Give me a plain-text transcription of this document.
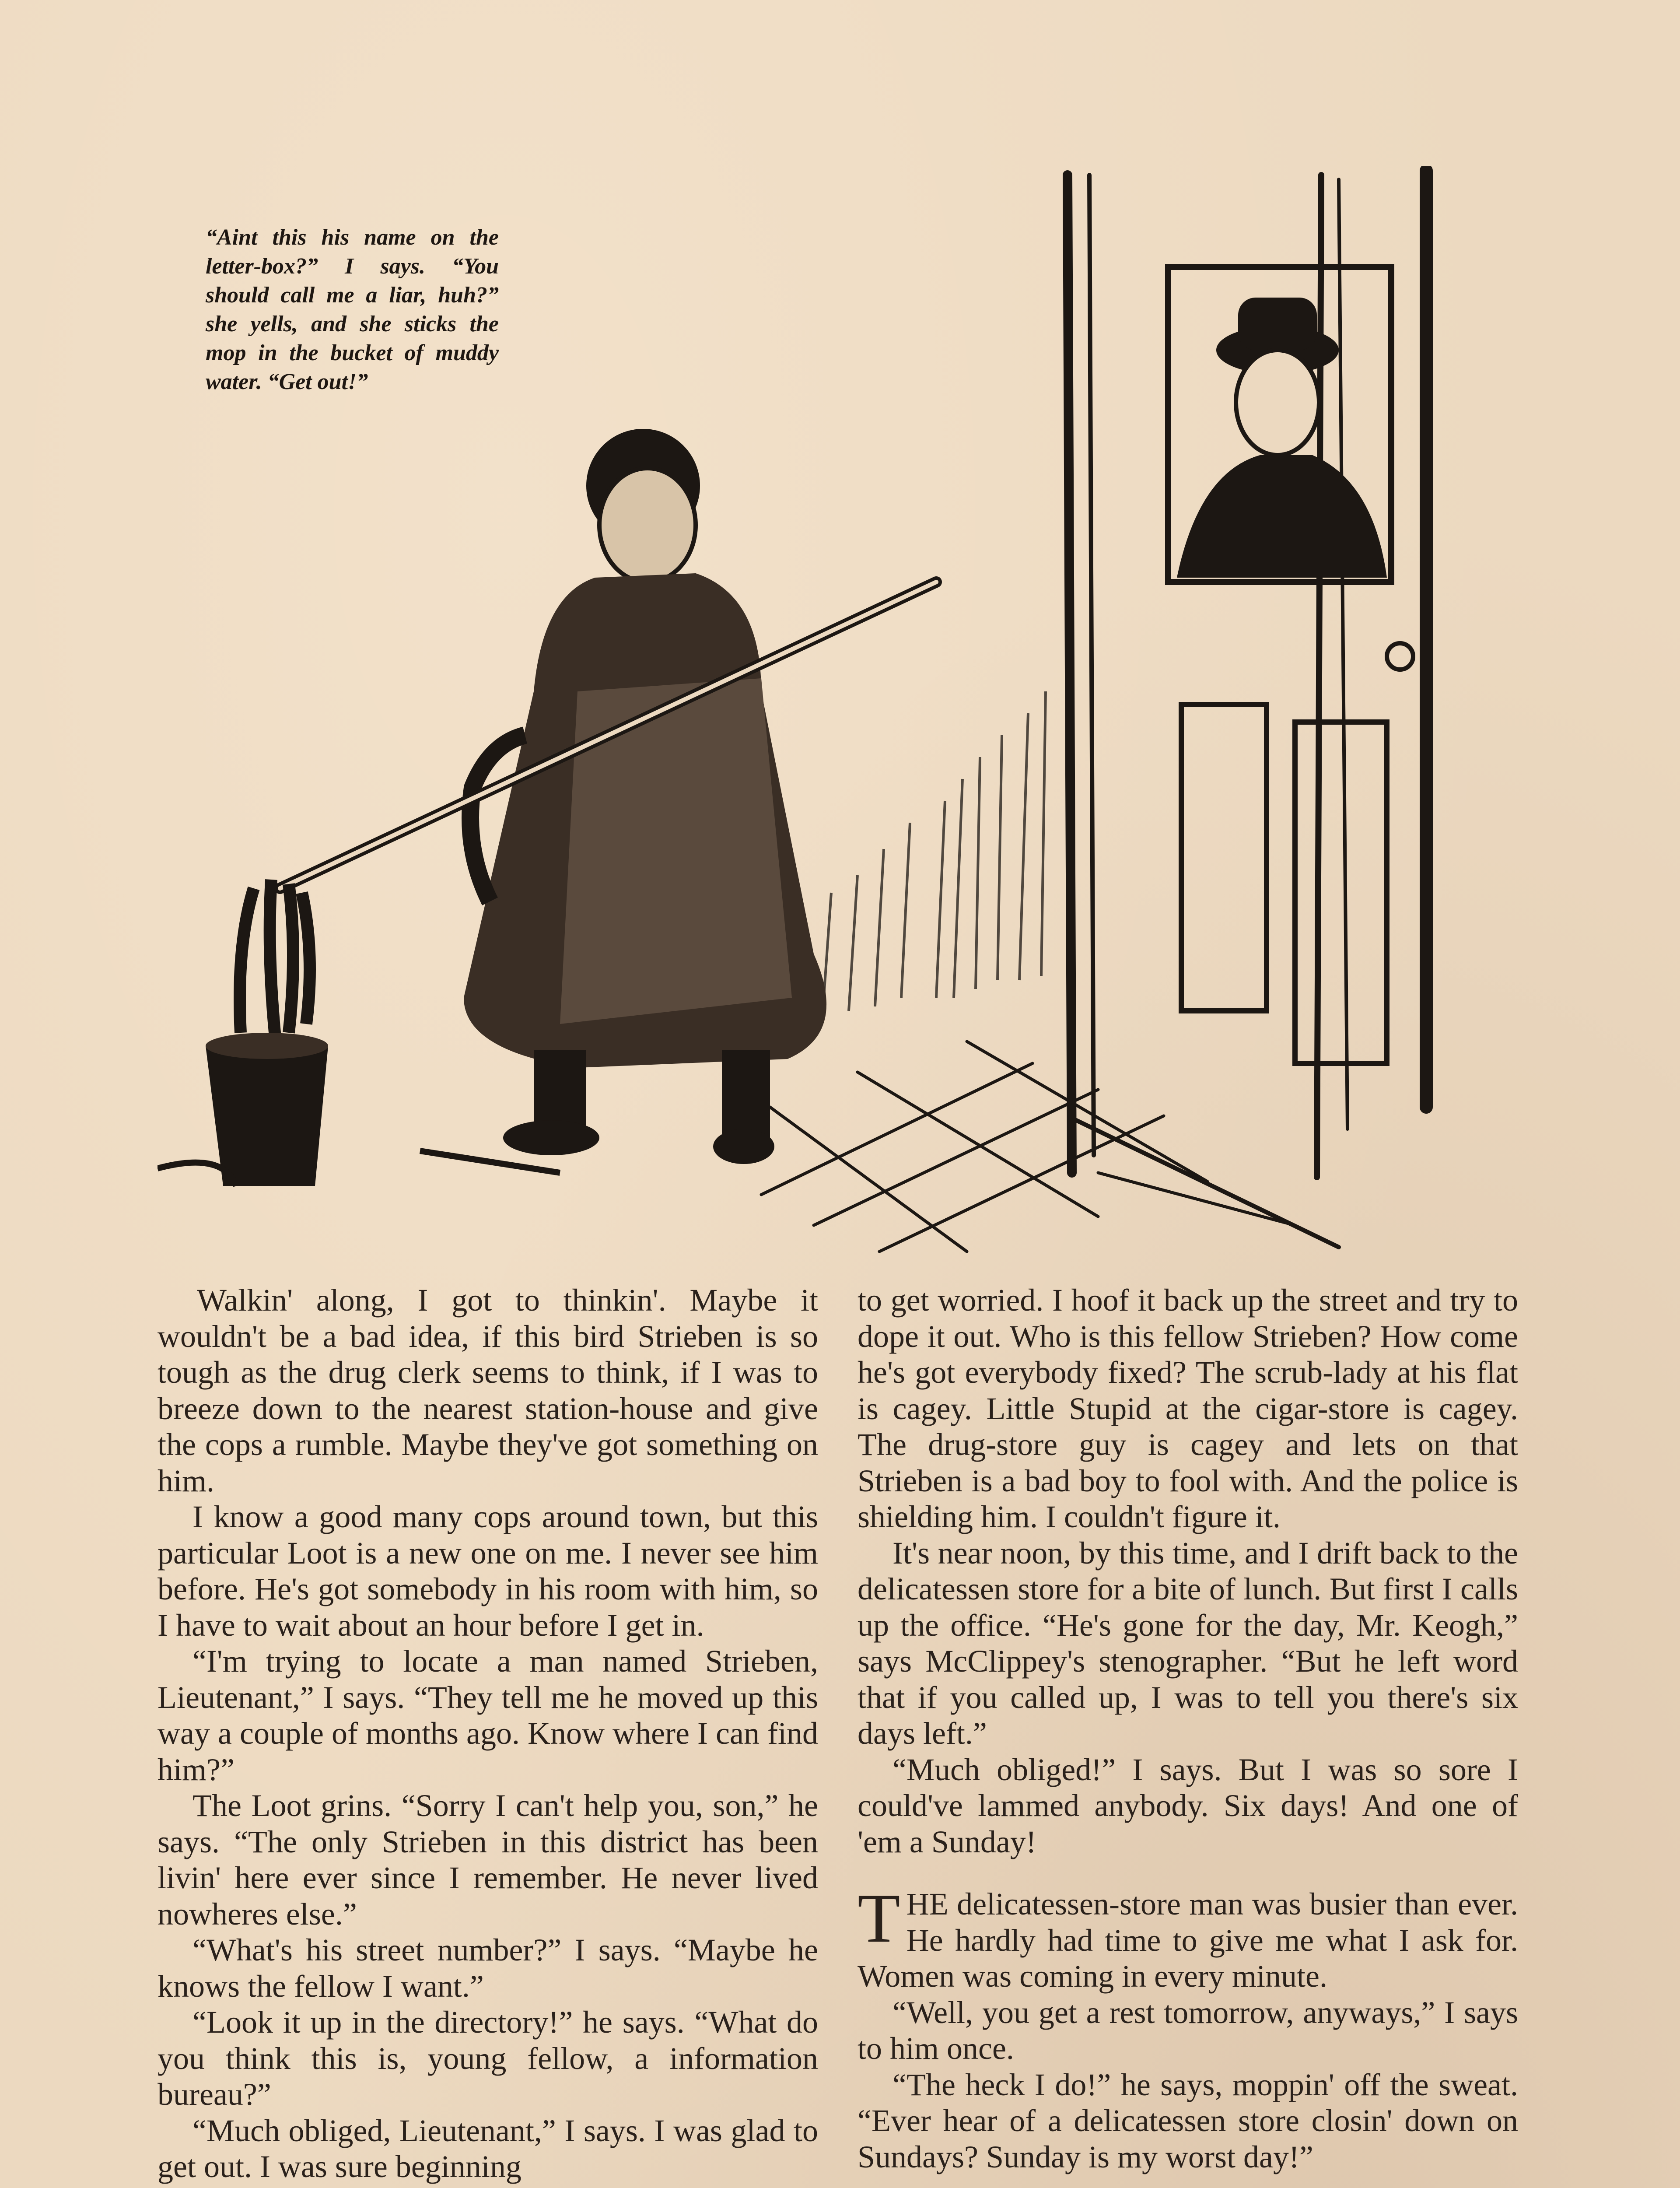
“Aint this his name on the letter-box?” I says. “You should call me a liar, huh?” she yells, and she sticks the mop in the bucket of muddy water. “Get out!”

Walkin' along, I got to thinkin'. Maybe it wouldn't be a bad idea, if this bird Strieben is so tough as the drug clerk seems to think, if I was to breeze down to the nearest station-house and give the cops a rumble. Maybe they've got something on him.

I know a good many cops around town, but this particular Loot is a new one on me. I never see him before. He's got somebody in his room with him, so I have to wait about an hour before I get in.

“I'm trying to locate a man named Strieben, Lieutenant,” I says. “They tell me he moved up this way a couple of months ago. Know where I can find him?”

The Loot grins. “Sorry I can't help you, son,” he says. “The only Strieben in this district has been livin' here ever since I remember. He never lived nowheres else.”

“What's his street number?” I says. “Maybe he knows the fellow I want.”

“Look it up in the directory!” he says. “What do you think this is, young fellow, a information bureau?”

“Much obliged, Lieutenant,” I says. I was glad to get out. I was sure beginning

to get worried. I hoof it back up the street and try to dope it out. Who is this fellow Strieben? How come he's got everybody fixed? The scrub-lady at his flat is cagey. Little Stupid at the cigar-store is cagey. The drug-store guy is cagey and lets on that Strieben is a bad boy to fool with. And the police is shielding him. I couldn't figure it.

It's near noon, by this time, and I drift back to the delicatessen store for a bite of lunch. But first I calls up the office. “He's gone for the day, Mr. Keogh,” says McClippey's stenographer. “But he left word that if you called up, I was to tell you there's six days left.”

“Much obliged!” I says. But I was so sore I could've lammed anybody. Six days! And one of 'em a Sunday!

THE delicatessen-store man was busier than ever. He hardly had time to give me what I ask for. Women was coming in every minute.

“Well, you get a rest tomorrow, anyways,” I says to him once.

“The heck I do!” he says, moppin' off the sweat. “Ever hear of a delicatessen store closin' down on Sundays? Sunday is my worst day!”
